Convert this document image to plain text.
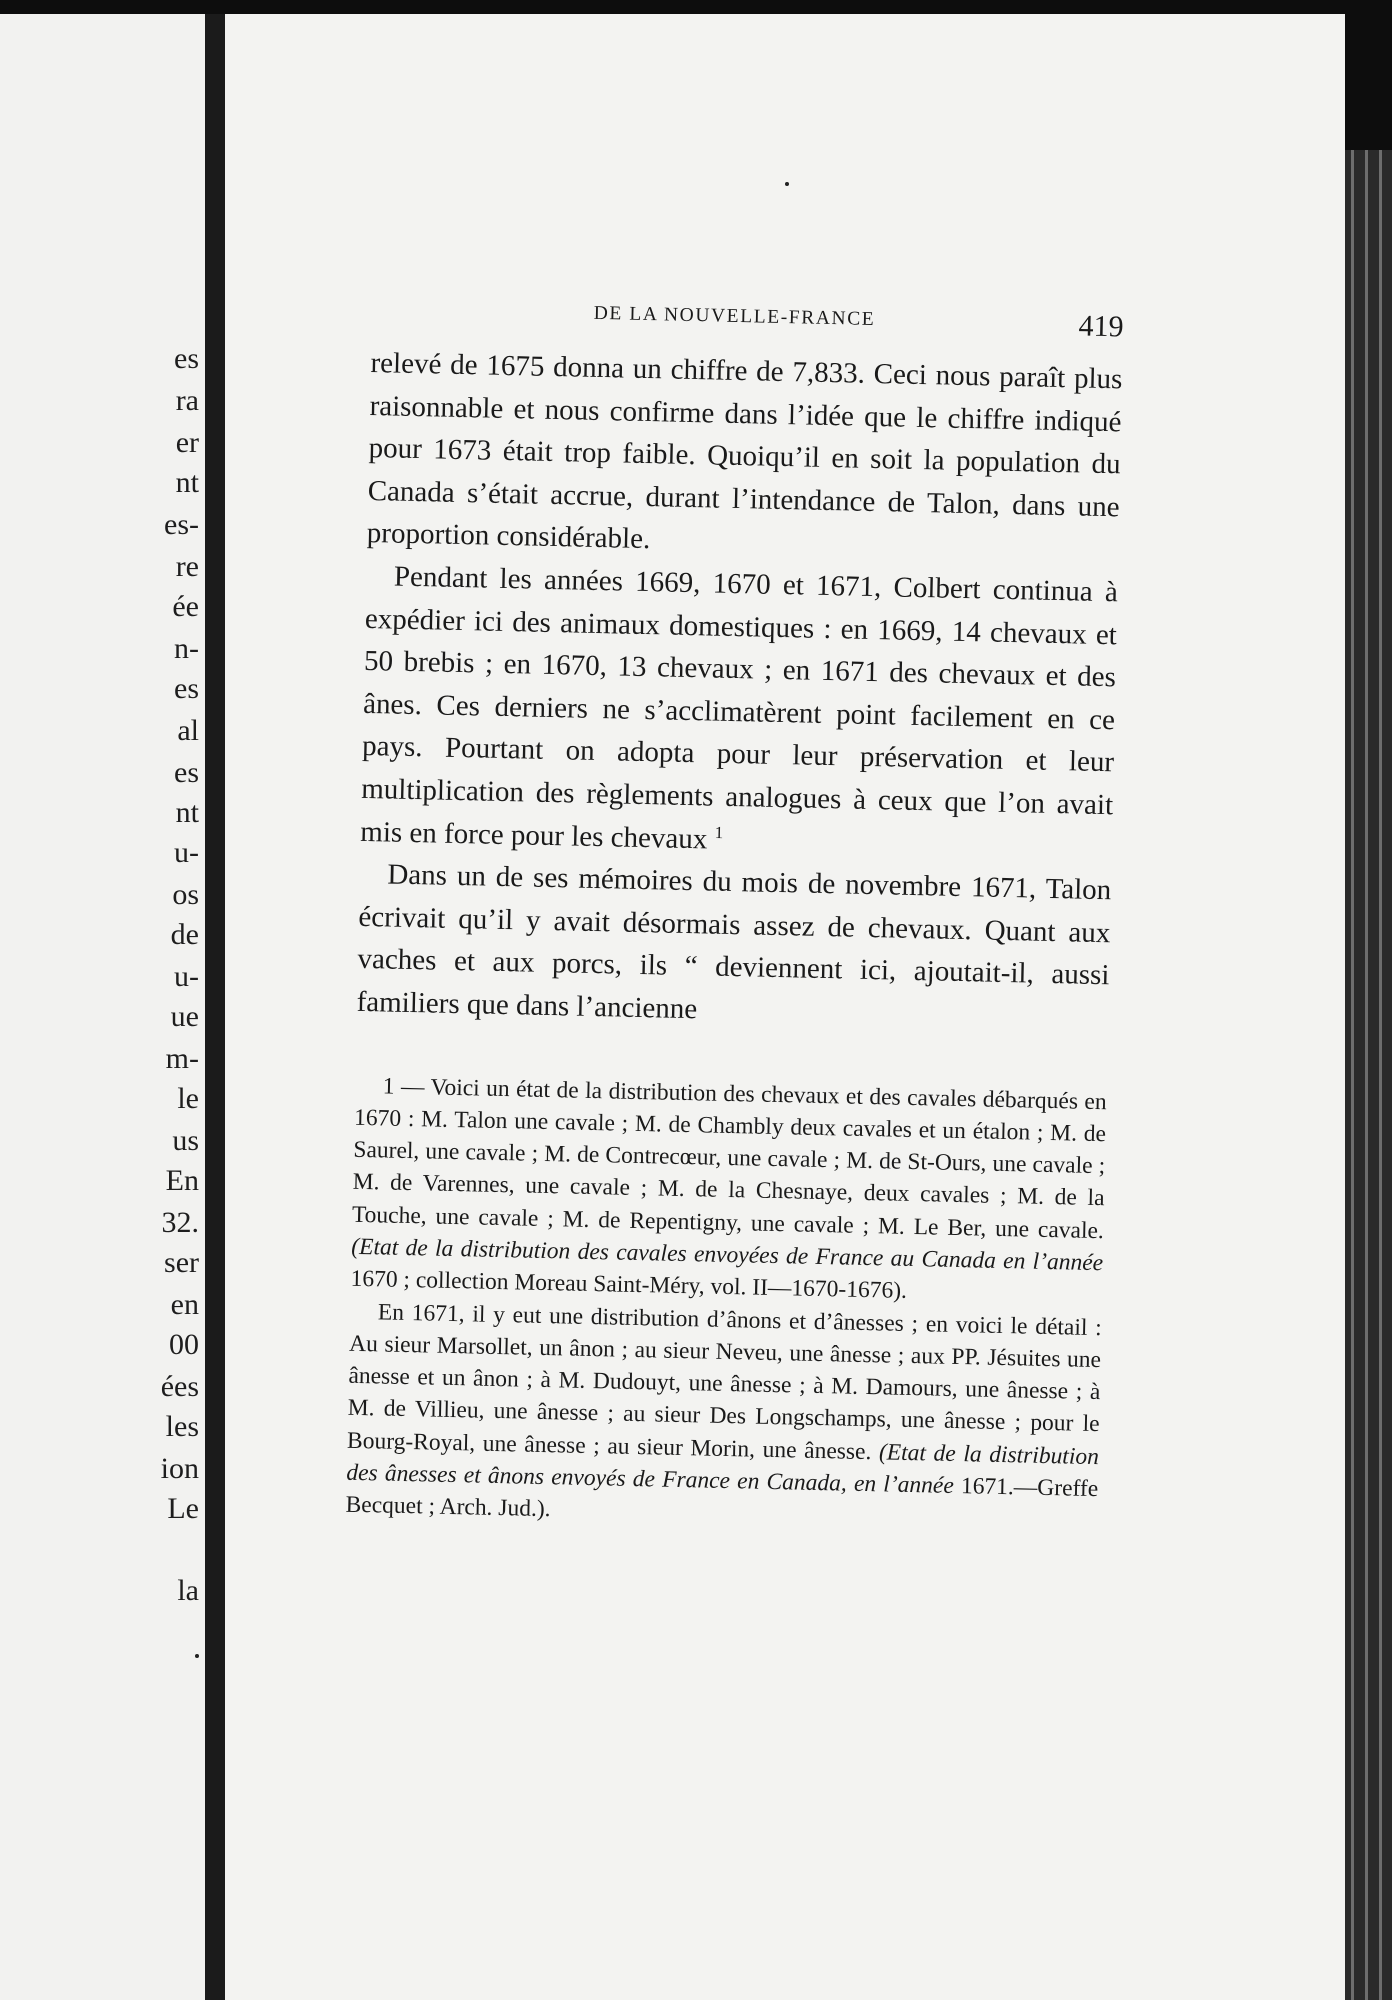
es
ra
er
nt
es-
re
ée
n-
es
al
es
nt
u-
os
de
u-
ue
m-
le
us
En
32.
ser
en
00
ées
les
ion
Le
la
DE LA NOUVELLE-FRANCE	419

relevé de 1675 donna un chiffre de 7,833. Ceci nous paraît plus raisonnable et nous confirme dans l’idée que le chiffre indiqué pour 1673 était trop faible. Quoiqu’il en soit la population du Canada s’était accrue, durant l’intendance de Talon, dans une proportion considérable.

Pendant les années 1669, 1670 et 1671, Colbert continua à expédier ici des animaux domestiques : en 1669, 14 chevaux et 50 brebis ; en 1670, 13 chevaux ; en 1671 des chevaux et des ânes. Ces derniers ne s’acclimatèrent point facilement en ce pays. Pourtant on adopta pour leur préservation et leur multiplication des règlements analogues à ceux que l’on avait mis en force pour les chevaux $^1$

Dans un de ses mémoires du mois de novembre 1671, Talon écrivait qu’il y avait désormais assez de chevaux. Quant aux vaches et aux porcs, ils “ deviennent ici, ajoutait-il, aussi familiers que dans l’ancienne

1 — Voici un état de la distribution des chevaux et des cavales débarqués en 1670 : M. Talon une cavale ; M. de Chambly deux cavales et un étalon ; M. de Saurel, une cavale ; M. de Contrecœur, une cavale ; M. de St-Ours, une cavale ; M. de Varennes, une cavale ; M. de la Chesnaye, deux cavales ; M. de la Touche, une cavale ; M. de Repentigny, une cavale ; M. Le Ber, une cavale. (Etat de la distribution des cavales envoyées de France au Canada en l’année 1670 ; collection Moreau Saint-Méry, vol. II—1670-1676).

En 1671, il y eut une distribution d’ânons et d’ânesses ; en voici le détail : Au sieur Marsollet, un ânon ; au sieur Neveu, une ânesse ; aux PP. Jésuites une ânesse et un ânon ; à M. Dudouyt, une ânesse ; à M. Damours, une ânesse ; à M. de Villieu, une ânesse ; au sieur Des Longschamps, une ânesse ; pour le Bourg-Royal, une ânesse ; au sieur Morin, une ânesse. (Etat de la distribution des ânesses et ânons envoyés de France en Canada, en l’année 1671.—Greffe Becquet ; Arch. Jud.).
